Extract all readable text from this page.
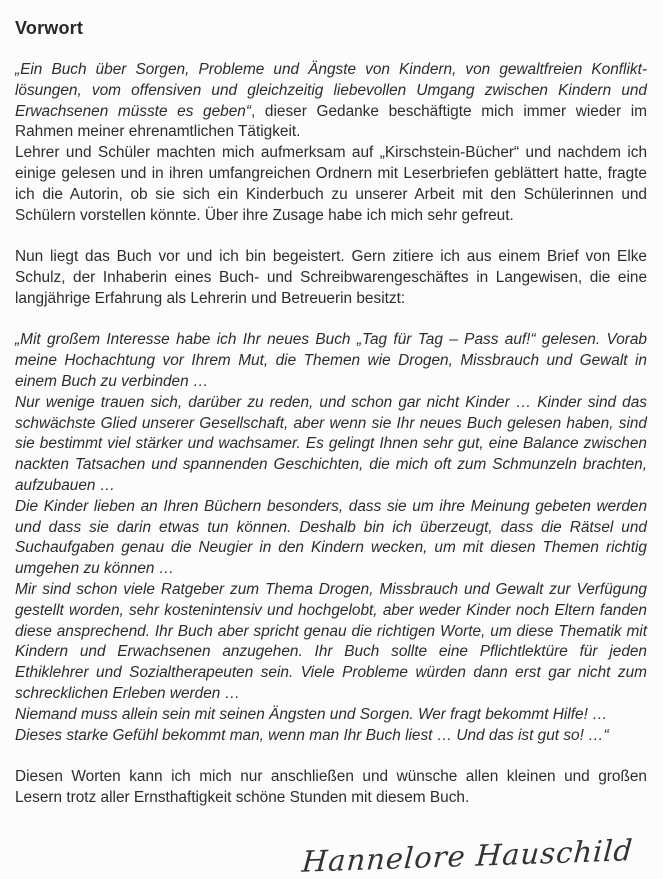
Vorwort

„Ein Buch über Sorgen, Probleme und Ängste von Kindern, von gewaltfreien Konfliktlösungen, vom offensiven und gleichzeitig liebevollen Umgang zwischen Kindern und Erwachsenen müsste es geben“, dieser Gedanke beschäftigte mich immer wieder im Rahmen meiner ehrenamtlichen Tätigkeit.

Lehrer und Schüler machten mich aufmerksam auf „Kirschstein-Bücher“ und nachdem ich einige gelesen und in ihren umfangreichen Ordnern mit Leserbriefen geblättert hatte, fragte ich die Autorin, ob sie sich ein Kinderbuch zu unserer Arbeit mit den Schülerinnen und Schülern vorstellen könnte. Über ihre Zusage habe ich mich sehr gefreut.

Nun liegt das Buch vor und ich bin begeistert. Gern zitiere ich aus einem Brief von Elke Schulz, der Inhaberin eines Buch- und Schreibwarengeschäftes in Langewisen, die eine langjährige Erfahrung als Lehrerin und Betreuerin besitzt:

„Mit großem Interesse habe ich Ihr neues Buch „Tag für Tag – Pass auf!“ gelesen. Vorab meine Hochachtung vor Ihrem Mut, die Themen wie Drogen, Missbrauch und Gewalt in einem Buch zu verbinden …

Nur wenige trauen sich, darüber zu reden, und schon gar nicht Kinder … Kinder sind das schwächste Glied unserer Gesellschaft, aber wenn sie Ihr neues Buch gelesen haben, sind sie bestimmt viel stärker und wachsamer. Es gelingt Ihnen sehr gut, eine Balance zwischen nackten Tatsachen und spannenden Geschichten, die mich oft zum Schmunzeln brachten, aufzubauen …

Die Kinder lieben an Ihren Büchern besonders, dass sie um ihre Meinung gebeten werden und dass sie darin etwas tun können. Deshalb bin ich überzeugt, dass die Rätsel und Suchaufgaben genau die Neugier in den Kindern wecken, um mit diesen Themen richtig umgehen zu können …

Mir sind schon viele Ratgeber zum Thema Drogen, Missbrauch und Gewalt zur Verfügung gestellt worden, sehr kostenintensiv und hochgelobt, aber weder Kinder noch Eltern fanden diese ansprechend. Ihr Buch aber spricht genau die richtigen Worte, um diese Thematik mit Kindern und Erwachsenen anzugehen. Ihr Buch sollte eine Pflichtlektüre für jeden Ethiklehrer und Sozialtherapeuten sein. Viele Probleme würden dann erst gar nicht zum schrecklichen Erleben werden …

Niemand muss allein sein mit seinen Ängsten und Sorgen. Wer fragt bekommt Hilfe! …

Dieses starke Gefühl bekommt man, wenn man Ihr Buch liest … Und das ist gut so! …“

Diesen Worten kann ich mich nur anschließen und wünsche allen kleinen und großen Lesern trotz aller Ernsthaftigkeit schöne Stunden mit diesem Buch.

Hannelore Hauschild
